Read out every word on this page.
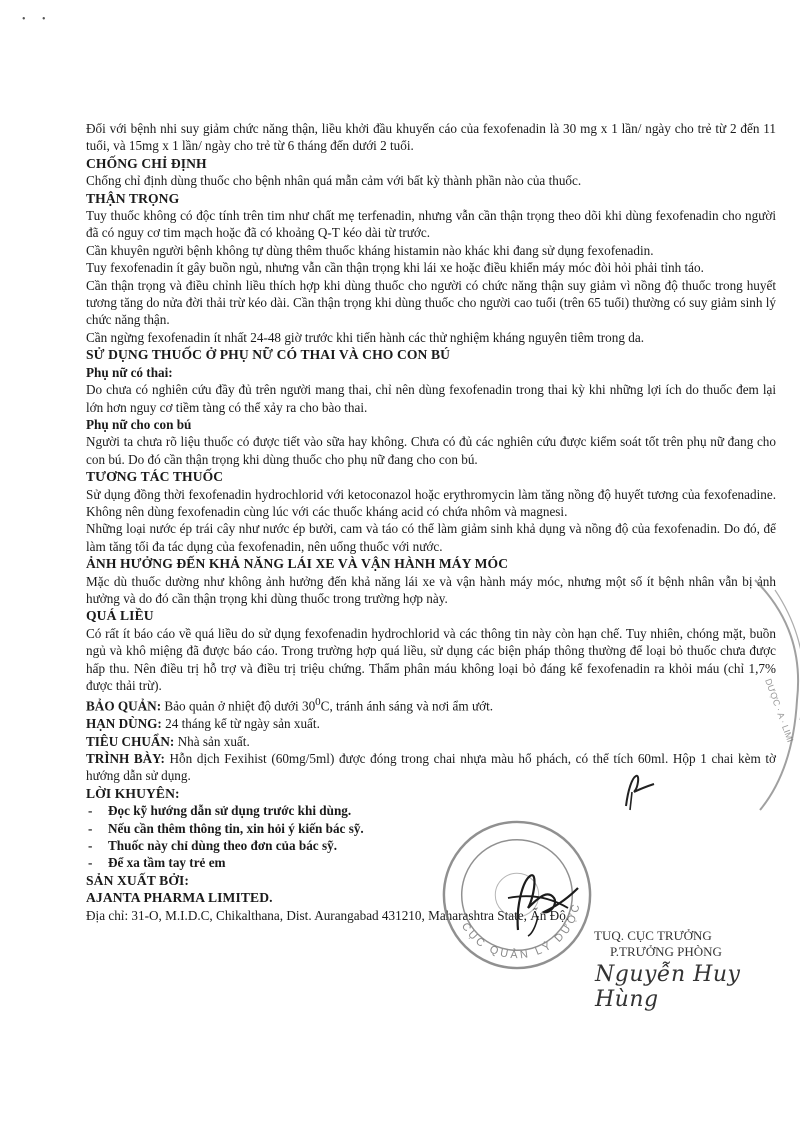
• •

Đối với bệnh nhi suy giảm chức năng thận, liều khởi đầu khuyến cáo của fexofenadin là 30 mg x 1 lần/ ngày cho trẻ từ 2 đến 11 tuổi, và 15mg x 1 lần/ ngày cho trẻ từ 6 tháng đến dưới 2 tuổi.

CHỐNG CHỈ ĐỊNH

Chống chỉ định dùng thuốc cho bệnh nhân quá mẫn cảm với bất kỳ thành phần nào của thuốc.

THẬN TRỌNG

Tuy thuốc không có độc tính trên tim như chất mẹ terfenadin, nhưng vẫn cần thận trọng theo dõi khi dùng fexofenadin cho người đã có nguy cơ tim mạch hoặc đã có khoảng Q-T kéo dài từ trước.

Cần khuyên người bệnh không tự dùng thêm thuốc kháng histamin nào khác khi đang sử dụng fexofenadin.

Tuy fexofenadin ít gây buồn ngủ, nhưng vẫn cần thận trọng khi lái xe hoặc điều khiển máy móc đòi hỏi phải tỉnh táo.

Cần thận trọng và điều chỉnh liều thích hợp khi dùng thuốc cho người có chức năng thận suy giảm vì nồng độ thuốc trong huyết tương tăng do nửa đời thải trừ kéo dài. Cần thận trọng khi dùng thuốc cho người cao tuổi (trên 65 tuổi) thường có suy giảm sinh lý chức năng thận.

Cần ngừng fexofenadin ít nhất 24-48 giờ trước khi tiến hành các thử nghiệm kháng nguyên tiêm trong da.

SỬ DỤNG THUỐC Ở PHỤ NỮ CÓ THAI VÀ CHO CON BÚ
Phụ nữ có thai:

Do chưa có nghiên cứu đầy đủ trên người mang thai, chỉ nên dùng fexofenadin trong thai kỳ khi những lợi ích do thuốc đem lại lớn hơn nguy cơ tiềm tàng có thể xảy ra cho bào thai.

Phụ nữ cho con bú

Người ta chưa rõ liệu thuốc có được tiết vào sữa hay không. Chưa có đủ các nghiên cứu được kiểm soát tốt trên phụ nữ đang cho con bú. Do đó cần thận trọng khi dùng thuốc cho phụ nữ đang cho con bú.

TƯƠNG TÁC THUỐC

Sử dụng đồng thời fexofenadin hydrochlorid với ketoconazol hoặc erythromycin làm tăng nồng độ huyết tương của fexofenadine. Không nên dùng fexofenadin cùng lúc với các thuốc kháng acid có chứa nhôm và magnesi.

Những loại nước ép trái cây như nước ép bưởi, cam và táo có thể làm giảm sinh khả dụng và nồng độ của fexofenadin. Do đó, để làm tăng tối đa tác dụng của fexofenadin, nên uống thuốc với nước.

ẢNH HƯỞNG ĐẾN KHẢ NĂNG LÁI XE VÀ VẬN HÀNH MÁY MÓC

Mặc dù thuốc dường như không ảnh hưởng đến khả năng lái xe và vận hành máy móc, nhưng một số ít bệnh nhân vẫn bị ảnh hưởng và do đó cần thận trọng khi dùng thuốc trong trường hợp này.

QUÁ LIỀU

Có rất ít báo cáo về quá liều do sử dụng fexofenadin hydrochlorid và các thông tin này còn hạn chế. Tuy nhiên, chóng mặt, buồn ngủ và khô miệng đã được báo cáo. Trong trường hợp quá liều, sử dụng các biện pháp thông thường để loại bỏ thuốc chưa được hấp thu. Nên điều trị hỗ trợ và điều trị triệu chứng. Thẩm phân máu không loại bỏ đáng kể fexofenadin ra khỏi máu (chỉ 1,7% được thải trừ).

BẢO QUẢN: Bảo quản ở nhiệt độ dưới $30^0C$, tránh ánh sáng và nơi ẩm ướt.

HẠN DÙNG: 24 tháng kể từ ngày sản xuất.

TIÊU CHUẨN: Nhà sản xuất.

TRÌNH BÀY: Hỗn dịch Fexihist (60mg/5ml) được đóng trong chai nhựa màu hổ phách, có thể tích 60ml. Hộp 1 chai kèm tờ hướng dẫn sử dụng.

LỜI KHUYÊN:
- Đọc kỹ hướng dẫn sử dụng trước khi dùng.
- Nếu cần thêm thông tin, xin hỏi ý kiến bác sỹ.
- Thuốc này chỉ dùng theo đơn của bác sỹ.
- Để xa tầm tay trẻ em
SẢN XUẤT BỞI:
AJANTA PHARMA LIMITED.

Địa chỉ: 31-O, M.I.D.C, Chikalthana, Dist. Aurangabad 431210, Maharashtra State, Ấn Độ.

CỤC QUẢN LÝ DƯỢC
DƯỢC · A · LIMI
TUQ. CỤC TRƯỞNG
P.TRƯỞNG PHÒNG
Nguyễn Huy Hùng
